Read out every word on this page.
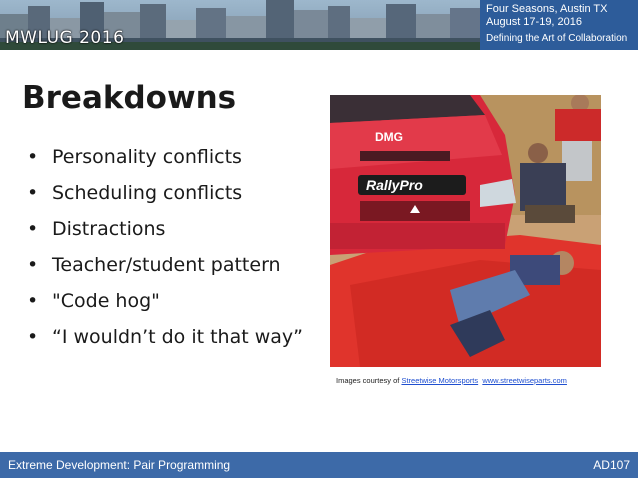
MWLUG 2016
Four Seasons, Austin TX
August 17-19, 2016
Defining the Art of Collaboration
Breakdowns
• Personality conflicts
• Scheduling conflicts
• Distractions
• Teacher/student pattern
• "Code hog"
• “I wouldn’t do it that way”
DMG
RallyPro
Images courtesy of Streetwise Motorsports www.streetwiseparts.com
Extreme Development: Pair Programming	AD107
